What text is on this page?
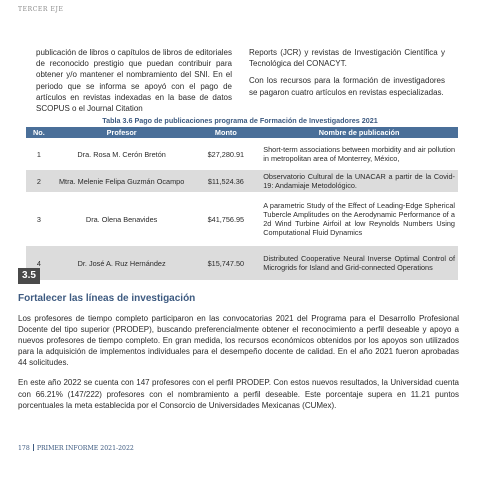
TERCER EJE

publicación de libros o capítulos de libros de editoriales de reconocido prestigio que puedan contribuir para obtener y/o mantener el nombramiento del SNI. En el periodo que se informa se apoyó con el pago de artículos en revistas indexadas en la base de datos SCOPUS o el Journal Citation

Reports (JCR) y revistas de Investigación Científica y Tecnológica del CONACYT.

Con los recursos para la formación de investigadores se pagaron cuatro artículos en revistas especializadas.

Tabla 3.6 Pago de publicaciones programa de Formación de Investigadores 2021
No.	Profesor	Monto	Nombre de publicación
1	Dra. Rosa M. Cerón Bretón	$27,280.91	Short-term associations between morbidity and air pollution in metropolitan area of Monterrey, México,
2	Mtra. Melenie Felipa Guzmán Ocampo	$11,524.36	Observatorio Cultural de la UNACAR a partir de la Covid-19: Andamiaje Metodológico.
3	Dra. Olena Benavides	$41,756.95	A parametric Study of the Effect of Leading-Edge Spherical Tubercle Amplitudes on the Aerodynamic Performance of a 2d Wind Turbine Airfoil at low Reynolds Numbers Using Computational Fluid Dynamics
4	Dr. José A. Ruz Hernández	$15,747.50	Distributed Cooperative Neural Inverse Optimal Control of Microgrids for Island and Grid-connected Operations
3.5
Fortalecer las líneas de investigación

Los profesores de tiempo completo participaron en las convocatorias 2021 del Programa para el Desarrollo Profesional Docente del tipo superior (PRODEP), buscando preferencialmente obtener el reconocimiento a perfil deseable y apoyo a nuevos profesores de tiempo completo. En gran medida, los recursos económicos obtenidos por los apoyos son utilizados para la adquisición de implementos individuales para el desempeño docente de calidad. En el año 2021 fueron aprobadas 44 solicitudes.

En este año 2022 se cuenta con 147 profesores con el perfil PRODEP. Con estos nuevos resultados, la Universidad cuenta con 66.21% (147/222) profesores con el nombramiento a perfil deseable. Este porcentaje supera en 11.21 puntos porcentuales la meta establecida por el Consorcio de Universidades Mexicanas (CUMex).

178 PRIMER INFORME 2021-2022
